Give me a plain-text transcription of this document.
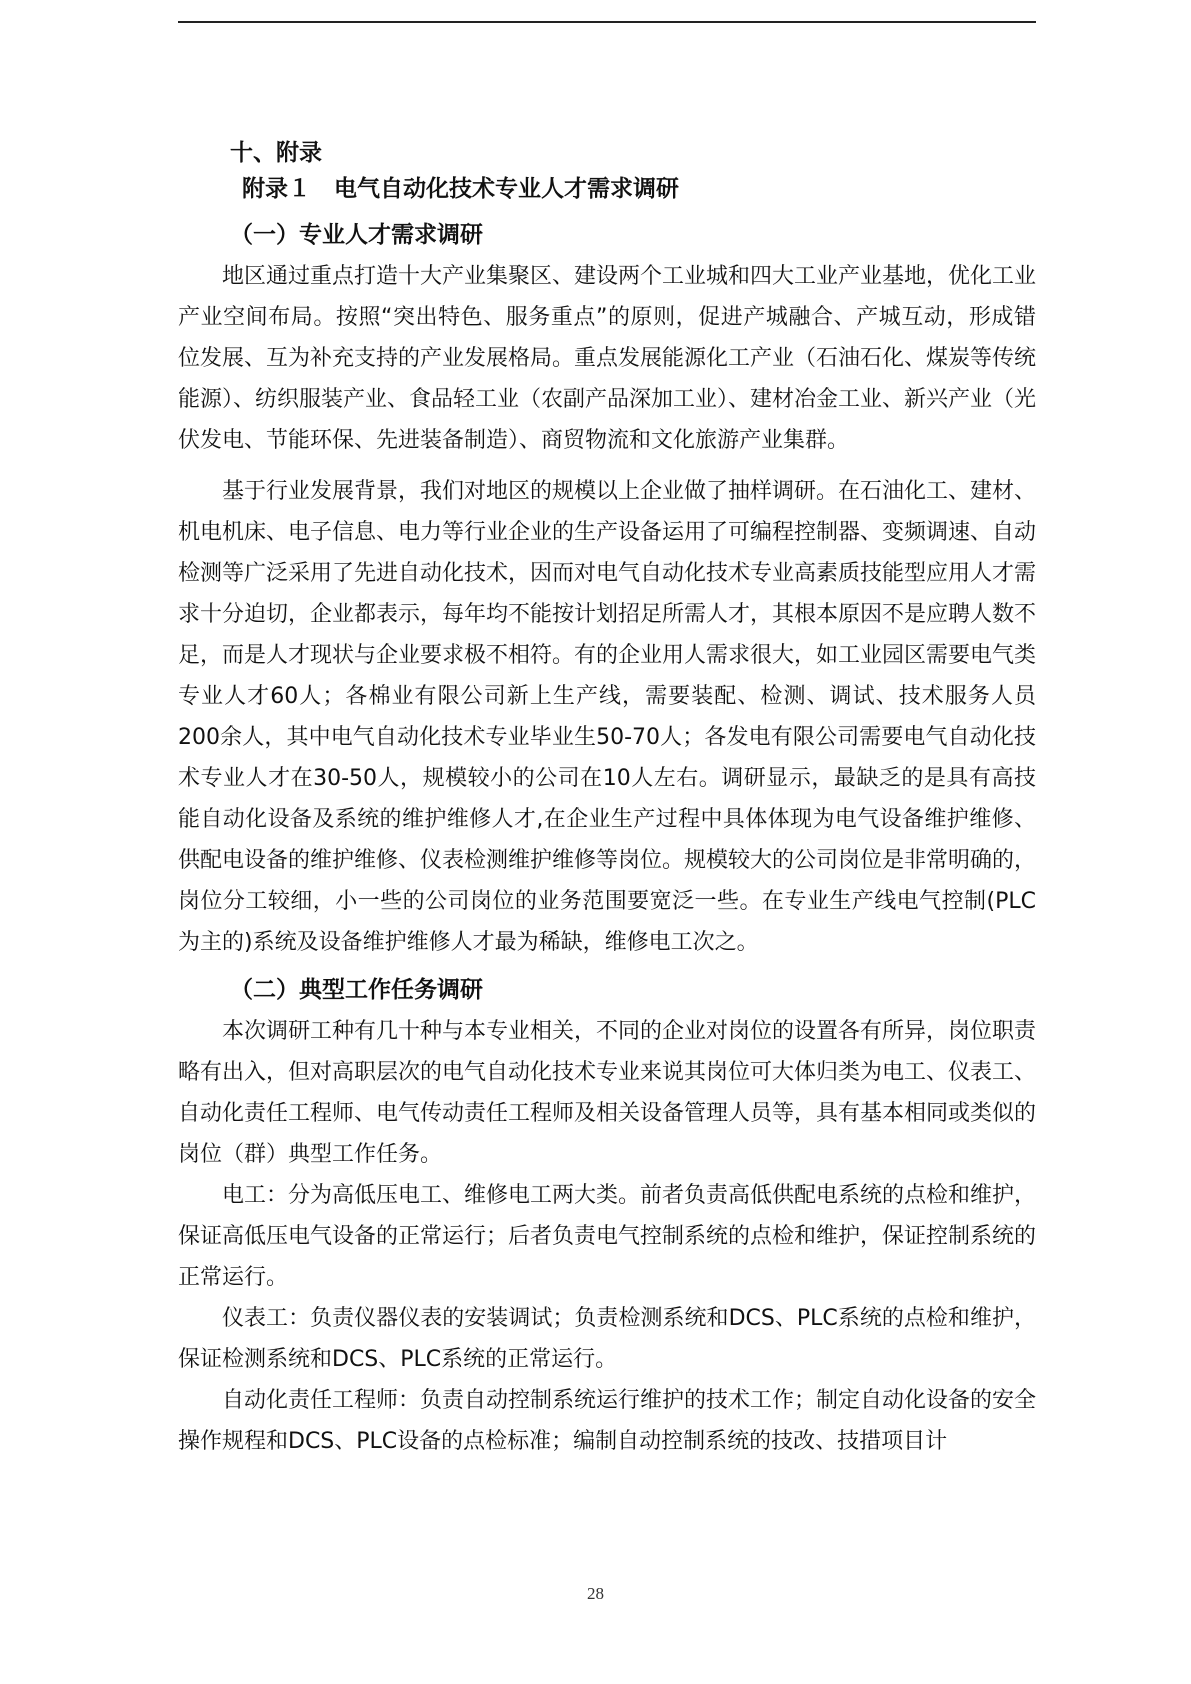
十、附录
附录１　电气自动化技术专业人才需求调研
（一）专业人才需求调研

地区通过重点打造十大产业集聚区、建设两个工业城和四大工业产业基地，优化工业产业空间布局。按照“突出特色、服务重点”的原则，促进产城融合、产城互动，形成错位发展、互为补充支持的产业发展格局。重点发展能源化工产业（石油石化、煤炭等传统能源）、纺织服装产业、食品轻工业（农副产品深加工业）、建材冶金工业、新兴产业（光伏发电、节能环保、先进装备制造）、商贸物流和文化旅游产业集群。

基于行业发展背景，我们对地区的规模以上企业做了抽样调研。在石油化工、建材、机电机床、电子信息、电力等行业企业的生产设备运用了可编程控制器、变频调速、自动检测等广泛采用了先进自动化技术，因而对电气自动化技术专业高素质技能型应用人才需求十分迫切，企业都表示，每年均不能按计划招足所需人才，其根本原因不是应聘人数不足，而是人才现状与企业要求极不相符。有的企业用人需求很大，如工业园区需要电气类专业人才60人；各棉业有限公司新上生产线，需要装配、检测、调试、技术服务人员200余人，其中电气自动化技术专业毕业生50-70人；各发电有限公司需要电气自动化技术专业人才在30-50人，规模较小的公司在10人左右。调研显示，最缺乏的是具有高技能自动化设备及系统的维护维修人才,在企业生产过程中具体体现为电气设备维护维修、供配电设备的维护维修、仪表检测维护维修等岗位。规模较大的公司岗位是非常明确的，岗位分工较细，小一些的公司岗位的业务范围要宽泛一些。在专业生产线电气控制(PLC为主的)系统及设备维护维修人才最为稀缺，维修电工次之。

（二）典型工作任务调研

本次调研工种有几十种与本专业相关，不同的企业对岗位的设置各有所异，岗位职责略有出入，但对高职层次的电气自动化技术专业来说其岗位可大体归类为电工、仪表工、自动化责任工程师、电气传动责任工程师及相关设备管理人员等，具有基本相同或类似的岗位（群）典型工作任务。

电工：分为高低压电工、维修电工两大类。前者负责高低供配电系统的点检和维护，保证高低压电气设备的正常运行；后者负责电气控制系统的点检和维护，保证控制系统的正常运行。

仪表工：负责仪器仪表的安装调试；负责检测系统和DCS、PLC系统的点检和维护，保证检测系统和DCS、PLC系统的正常运行。

自动化责任工程师：负责自动控制系统运行维护的技术工作；制定自动化设备的安全操作规程和DCS、PLC设备的点检标准；编制自动控制系统的技改、技措项目计

28
